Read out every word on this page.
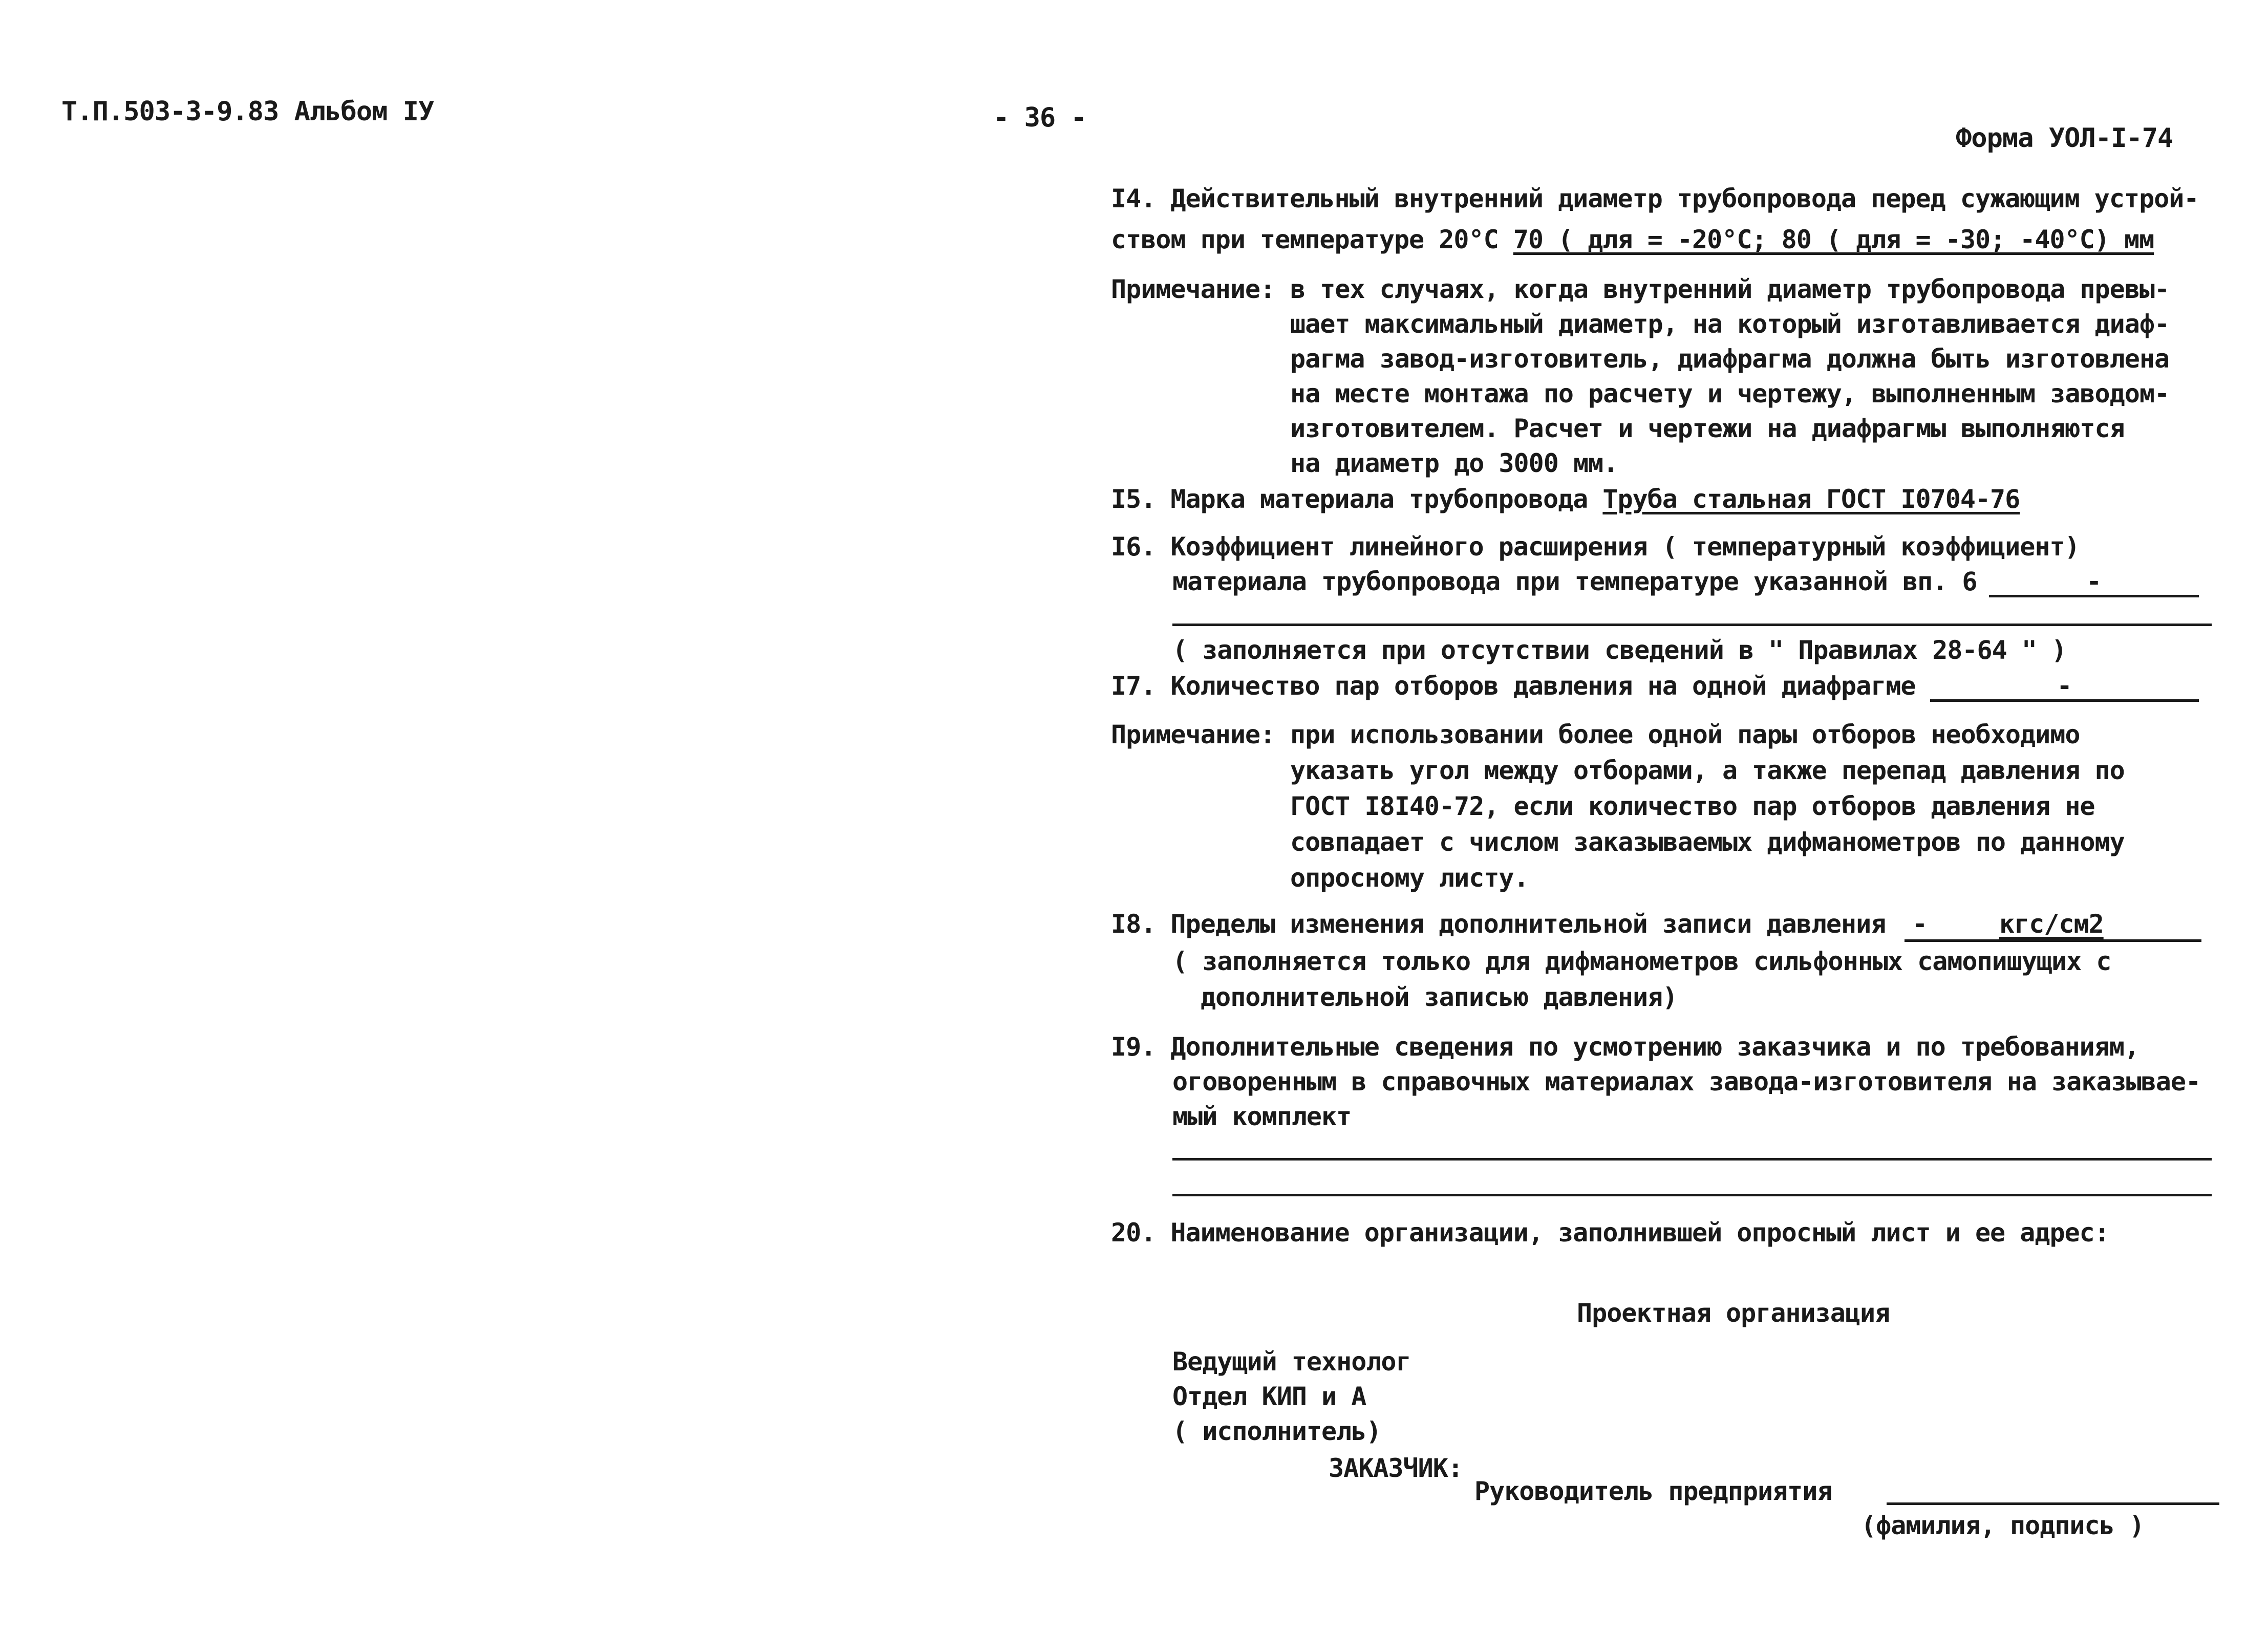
Т.П.503-3-9.83 Альбом IУ	- 36 -
Форма УОЛ-I-74
I4. Действительный внутренний диаметр трубопровода перед сужающим устрой-
ством при температуре 20°С 70 ( для = -20°С; 80 ( для = -30; -40°С) мм
Примечание: в тех случаях, когда внутренний диаметр трубопровода превы-
шает максимальный диаметр, на который изготавливается диаф-
рагма завод-изготовитель, диафрагма должна быть изготовлена
на месте монтажа по расчету и чертежу, выполненным заводом-
изготовителем. Расчет и чертежи на диафрагмы выполняются
на диаметр до 3000 мм.
I5. Марка материала трубопровода Труба стальная ГОСТ I0704-76
I6. Коэффициент линейного расширения ( температурный коэффициент)
материала трубопровода при температуре указанной вп. 6	-
( заполняется при отсутствии сведений в " Правилах 28-64 " )
I7. Количество пар отборов давления на одной диафрагме	-
Примечание: при использовании более одной пары отборов необходимо
указать угол между отборами, а также перепад давления по
ГОСТ I8I40-72, если количество пар отборов давления не
совпадает с числом заказываемых дифманометров по данному
опросному листу.
I8. Пределы изменения дополнительной записи давления -	кгс/см2
( заполняется только для дифманометров сильфонных самопишущих с
дополнительной записью давления)
I9. Дополнительные сведения по усмотрению заказчика и по требованиям,
оговоренным в справочных материалах завода-изготовителя на заказывае-
мый комплект
20. Наименование организации, заполнившей опросный лист и ее адрес:
Проектная организация
Ведущий технолог
Отдел КИП и А
( исполнитель)
ЗАКАЗЧИК:
Руководитель предприятия
(фамилия, подпись )
